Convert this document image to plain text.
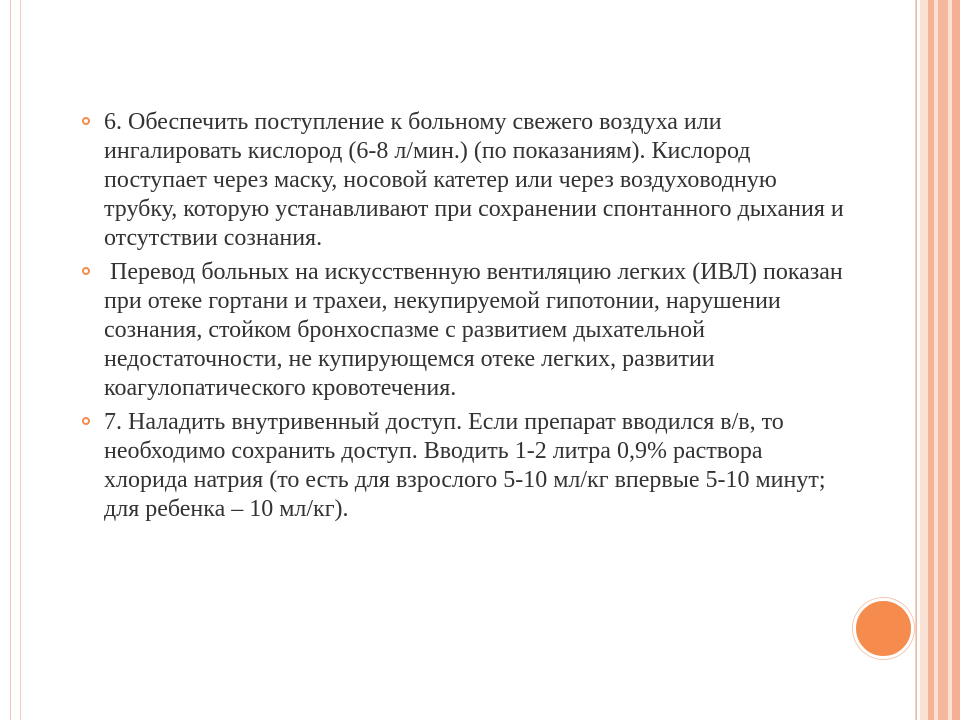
6. Обеспечить поступление к больному свежего воздуха или ингалировать кислород (6-8 л/мин.) (по показаниям). Кислород поступает через маску, носовой катетер или через воздуховодную трубку, которую устанавливают при сохранении спонтанного дыхания и отсутствии сознания.
Перевод больных на искусственную вентиляцию легких (ИВЛ) показан при отеке гортани и трахеи, некупируемой гипотонии, нарушении сознания, стойком бронхоспазме с развитием дыхательной недостаточности, не купирующемся отеке легких, развитии коагулопатического кровотечения.
7. Наладить внутривенный доступ. Если препарат вводился в/в, то необходимо сохранить доступ. Вводить 1-2 литра 0,9% раствора хлорида натрия (то есть для взрослого 5-10 мл/кг впервые 5-10 минут; для ребенка – 10 мл/кг).
